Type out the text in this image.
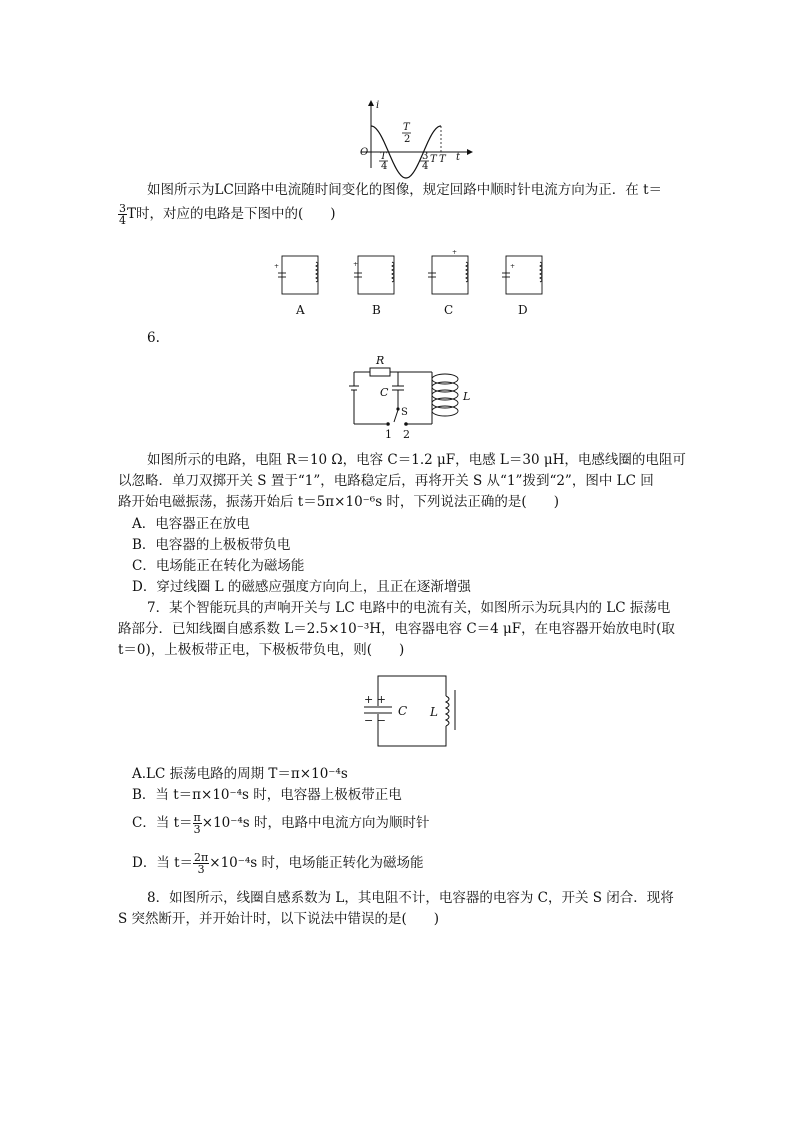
i
t
O
T
2
T
4
3
4
T T
如图所示为LC回路中电流随时间变化的图像，规定回路中顺时针电流方向为正．在 t＝
$\frac{3}{4}$ T时，对应的电路是下图中的(　　)
+	+
+
+
A	B	C	D
6.
R
C
S
L
1 2
如图所示的电路，电阻 R＝10 Ω，电容 C＝1.2 μF，电感 L＝30 μH，电感线圈的电阻可
以忽略．单刀双掷开关 S 置于“1”，电路稳定后，再将开关 S 从“1”拨到“2”，图中 LC 回
路开始电磁振荡，振荡开始后 t＝5π×10⁻⁶s 时，下列说法正确的是(　　)
A．电容器正在放电
B．电容器的上极板带负电
C．电场能正在转化为磁场能
D．穿过线圈 L 的磁感应强度方向向上，且正在逐渐增强
7．某个智能玩具的声响开关与 LC 电路中的电流有关，如图所示为玩具内的 LC 振荡电
路部分．已知线圈自感系数 L＝2.5×10⁻³H，电容器电容 C＝4 μF，在电容器开始放电时(取
t＝0)，上极板带正电，下极板带负电，则(　　)
+ +
− −
C L
A.LC 振荡电路的周期 T＝π×10⁻⁴s
B．当 t＝π×10⁻⁴s 时，电容器上极板带正电
C．当 $t= \frac{\pi}{3} \times 10^{-4}s$ 时，电路中电流方向为顺时针
D．当 $t= \frac{2\pi}{3} \times 10^{-4}s$ 时，电场能正转化为磁场能
8．如图所示，线圈自感系数为 L，其电阻不计，电容器的电容为 C，开关 S 闭合．现将
S 突然断开，并开始计时，以下说法中错误的是(　　)
